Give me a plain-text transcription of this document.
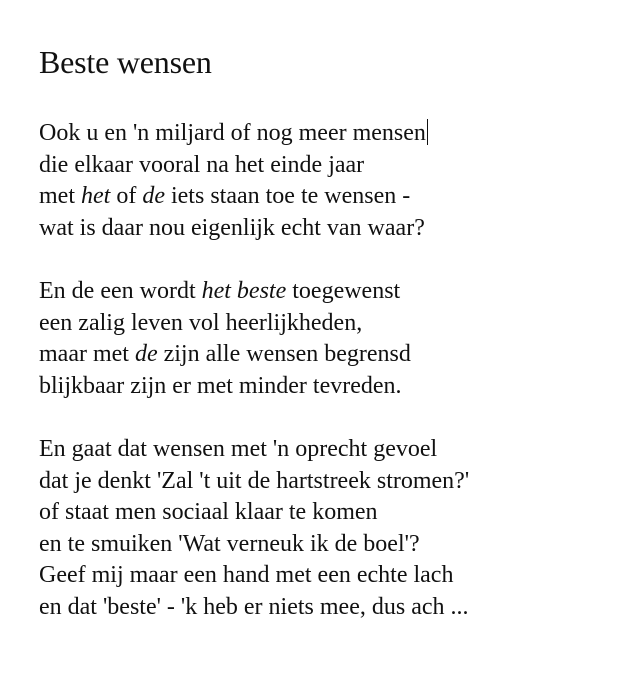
Beste wensen

Ook u en 'n miljard of nog meer mensen
die elkaar vooral na het einde jaar
met het of de iets staan toe te wensen -
wat is daar nou eigenlijk echt van waar?

En de een wordt het beste toegewenst
een zalig leven vol heerlijkheden,
maar met de zijn alle wensen begrensd
blijkbaar zijn er met minder tevreden.

En gaat dat wensen met 'n oprecht gevoel
dat je denkt 'Zal 't uit de hartstreek stromen?'
of staat men sociaal klaar te komen
en te smuiken 'Wat verneuk ik de boel'?
Geef mij maar een hand met een echte lach
en dat 'beste' - 'k heb er niets mee, dus ach ...
